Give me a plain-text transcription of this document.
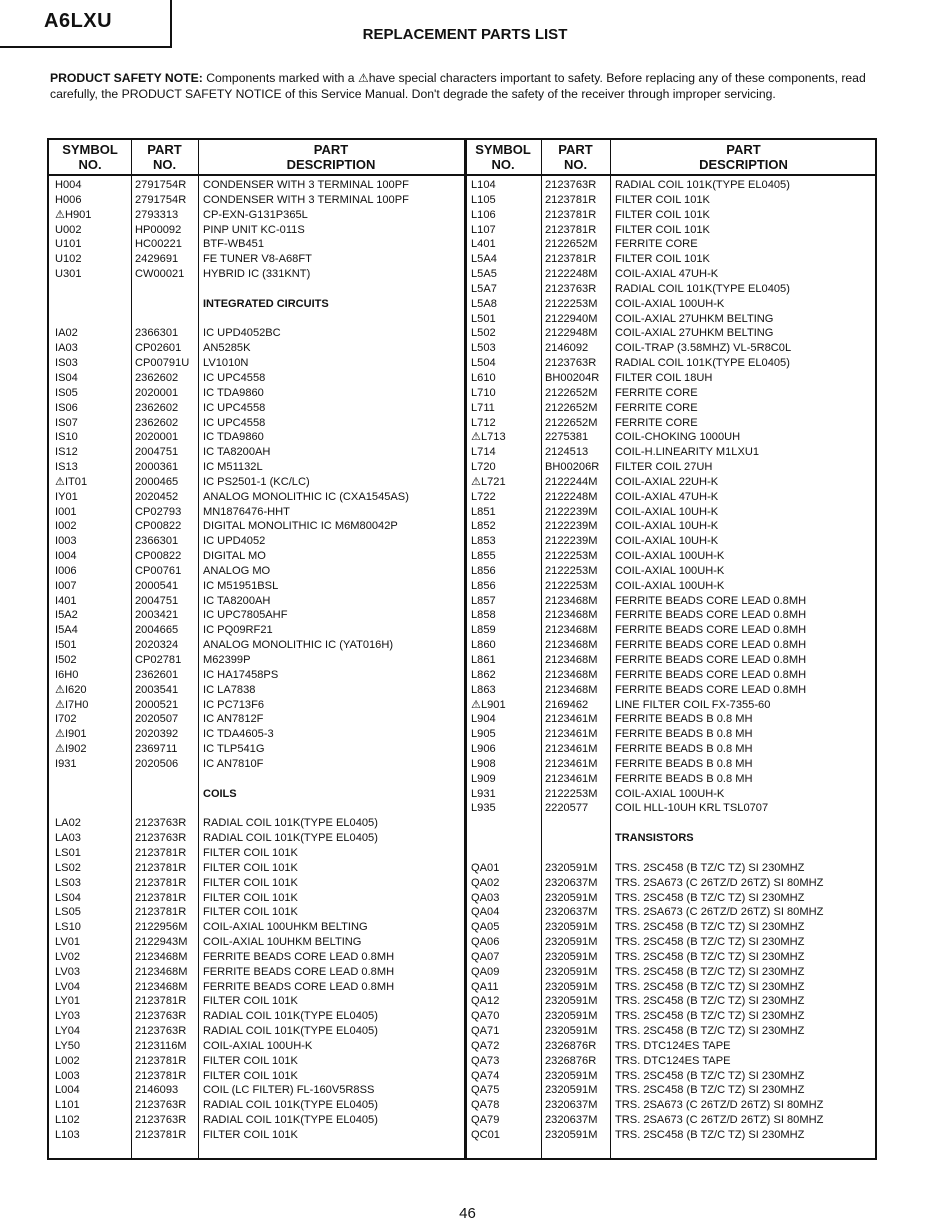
A6LXU
REPLACEMENT PARTS LIST
PRODUCT SAFETY NOTE: Components marked with a ⚠have special characters important to safety. Before replacing any of these components, read carefully, the PRODUCT SAFETY NOTICE of this Service Manual. Don't degrade the safety of the receiver through improper servicing.
SYMBOL
NO.
PART
NO.
PART
DESCRIPTION
SYMBOL
NO.
PART
NO.
PART
DESCRIPTION
H004	2791754R	CONDENSER WITH 3 TERMINAL 100PF
H006	2791754R	CONDENSER WITH 3 TERMINAL 100PF
⚠H901	2793313	CP-EXN-G131P365L
U002	HP00092	PINP UNIT KC-011S
U101	HC00221	BTF-WB451
U102	2429691	FE TUNER V8-A68FT
U301	CW00021	HYBRID IC (331KNT)
INTEGRATED CIRCUITS
IA02	2366301	IC UPD4052BC
IA03	CP02601	AN5285K
IS03	CP00791U	LV1010N
IS04	2362602	IC UPC4558
IS05	2020001	IC TDA9860
IS06	2362602	IC UPC4558
IS07	2362602	IC UPC4558
IS10	2020001	IC TDA9860
IS12	2004751	IC TA8200AH
IS13	2000361	IC M51132L
⚠IT01	2000465	IC PS2501-1 (KC/LC)
IY01	2020452	ANALOG MONOLITHIC IC (CXA1545AS)
I001	CP02793	MN1876476-HHT
I002	CP00822	DIGITAL MONOLITHIC IC M6M80042P
I003	2366301	IC UPD4052
I004	CP00822	DIGITAL MO
I006	CP00761	ANALOG MO
I007	2000541	IC M51951BSL
I401	2004751	IC TA8200AH
I5A2	2003421	IC UPC7805AHF
I5A4	2004665	IC PQ09RF21
I501	2020324	ANALOG MONOLITHIC IC (YAT016H)
I502	CP02781	M62399P
I6H0	2362601	IC HA17458PS
⚠I620	2003541	IC LA7838
⚠I7H0	2000521	IC PC713F6
I702	2020507	IC AN7812F
⚠I901	2020392	IC TDA4605-3
⚠I902	2369711	IC TLP541G
I931	2020506	IC AN7810F
COILS
LA02	2123763R	RADIAL COIL 101K(TYPE EL0405)
LA03	2123763R	RADIAL COIL 101K(TYPE EL0405)
LS01	2123781R	FILTER COIL 101K
LS02	2123781R	FILTER COIL 101K
LS03	2123781R	FILTER COIL 101K
LS04	2123781R	FILTER COIL 101K
LS05	2123781R	FILTER COIL 101K
LS10	2122956M	COIL-AXIAL 100UHKM BELTING
LV01	2122943M	COIL-AXIAL 10UHKM BELTING
LV02	2123468M	FERRITE BEADS CORE LEAD 0.8MH
LV03	2123468M	FERRITE BEADS CORE LEAD 0.8MH
LV04	2123468M	FERRITE BEADS CORE LEAD 0.8MH
LY01	2123781R	FILTER COIL 101K
LY03	2123763R	RADIAL COIL 101K(TYPE EL0405)
LY04	2123763R	RADIAL COIL 101K(TYPE EL0405)
LY50	2123116M	COIL-AXIAL 100UH-K
L002	2123781R	FILTER COIL 101K
L003	2123781R	FILTER COIL 101K
L004	2146093	COIL (LC FILTER) FL-160V5R8SS
L101	2123763R	RADIAL COIL 101K(TYPE EL0405)
L102	2123763R	RADIAL COIL 101K(TYPE EL0405)
L103	2123781R	FILTER COIL 101K
L104	2123763R	RADIAL COIL 101K(TYPE EL0405)
L105	2123781R	FILTER COIL 101K
L106	2123781R	FILTER COIL 101K
L107	2123781R	FILTER COIL 101K
L401	2122652M	FERRITE CORE
L5A4	2123781R	FILTER COIL 101K
L5A5	2122248M	COIL-AXIAL 47UH-K
L5A7	2123763R	RADIAL COIL 101K(TYPE EL0405)
L5A8	2122253M	COIL-AXIAL 100UH-K
L501	2122940M	COIL-AXIAL 27UHKM BELTING
L502	2122948M	COIL-AXIAL 27UHKM BELTING
L503	2146092	COIL-TRAP (3.58MHZ) VL-5R8C0L
L504	2123763R	RADIAL COIL 101K(TYPE EL0405)
L610	BH00204R	FILTER COIL 18UH
L710	2122652M	FERRITE CORE
L711	2122652M	FERRITE CORE
L712	2122652M	FERRITE CORE
⚠L713	2275381	COIL-CHOKING 1000UH
L714	2124513	COIL-H.LINEARITY M1LXU1
L720	BH00206R	FILTER COIL 27UH
⚠L721	2122244M	COIL-AXIAL 22UH-K
L722	2122248M	COIL-AXIAL 47UH-K
L851	2122239M	COIL-AXIAL 10UH-K
L852	2122239M	COIL-AXIAL 10UH-K
L853	2122239M	COIL-AXIAL 10UH-K
L855	2122253M	COIL-AXIAL 100UH-K
L856	2122253M	COIL-AXIAL 100UH-K
L856	2122253M	COIL-AXIAL 100UH-K
L857	2123468M	FERRITE BEADS CORE LEAD 0.8MH
L858	2123468M	FERRITE BEADS CORE LEAD 0.8MH
L859	2123468M	FERRITE BEADS CORE LEAD 0.8MH
L860	2123468M	FERRITE BEADS CORE LEAD 0.8MH
L861	2123468M	FERRITE BEADS CORE LEAD 0.8MH
L862	2123468M	FERRITE BEADS CORE LEAD 0.8MH
L863	2123468M	FERRITE BEADS CORE LEAD 0.8MH
⚠L901	2169462	LINE FILTER COIL FX-7355-60
L904	2123461M	FERRITE BEADS B 0.8 MH
L905	2123461M	FERRITE BEADS B 0.8 MH
L906	2123461M	FERRITE BEADS B 0.8 MH
L908	2123461M	FERRITE BEADS B 0.8 MH
L909	2123461M	FERRITE BEADS B 0.8 MH
L931	2122253M	COIL-AXIAL 100UH-K
L935	2220577	COIL HLL-10UH KRL TSL0707
TRANSISTORS
QA01	2320591M	TRS. 2SC458 (B TZ/C TZ) SI 230MHZ
QA02	2320637M	TRS. 2SA673 (C 26TZ/D 26TZ) SI 80MHZ
QA03	2320591M	TRS. 2SC458 (B TZ/C TZ) SI 230MHZ
QA04	2320637M	TRS. 2SA673 (C 26TZ/D 26TZ) SI 80MHZ
QA05	2320591M	TRS. 2SC458 (B TZ/C TZ) SI 230MHZ
QA06	2320591M	TRS. 2SC458 (B TZ/C TZ) SI 230MHZ
QA07	2320591M	TRS. 2SC458 (B TZ/C TZ) SI 230MHZ
QA09	2320591M	TRS. 2SC458 (B TZ/C TZ) SI 230MHZ
QA11	2320591M	TRS. 2SC458 (B TZ/C TZ) SI 230MHZ
QA12	2320591M	TRS. 2SC458 (B TZ/C TZ) SI 230MHZ
QA70	2320591M	TRS. 2SC458 (B TZ/C TZ) SI 230MHZ
QA71	2320591M	TRS. 2SC458 (B TZ/C TZ) SI 230MHZ
QA72	2326876R	TRS. DTC124ES TAPE
QA73	2326876R	TRS. DTC124ES TAPE
QA74	2320591M	TRS. 2SC458 (B TZ/C TZ) SI 230MHZ
QA75	2320591M	TRS. 2SC458 (B TZ/C TZ) SI 230MHZ
QA78	2320637M	TRS. 2SA673 (C 26TZ/D 26TZ) SI 80MHZ
QA79	2320637M	TRS. 2SA673 (C 26TZ/D 26TZ) SI 80MHZ
QC01	2320591M	TRS. 2SC458 (B TZ/C TZ) SI 230MHZ
46
